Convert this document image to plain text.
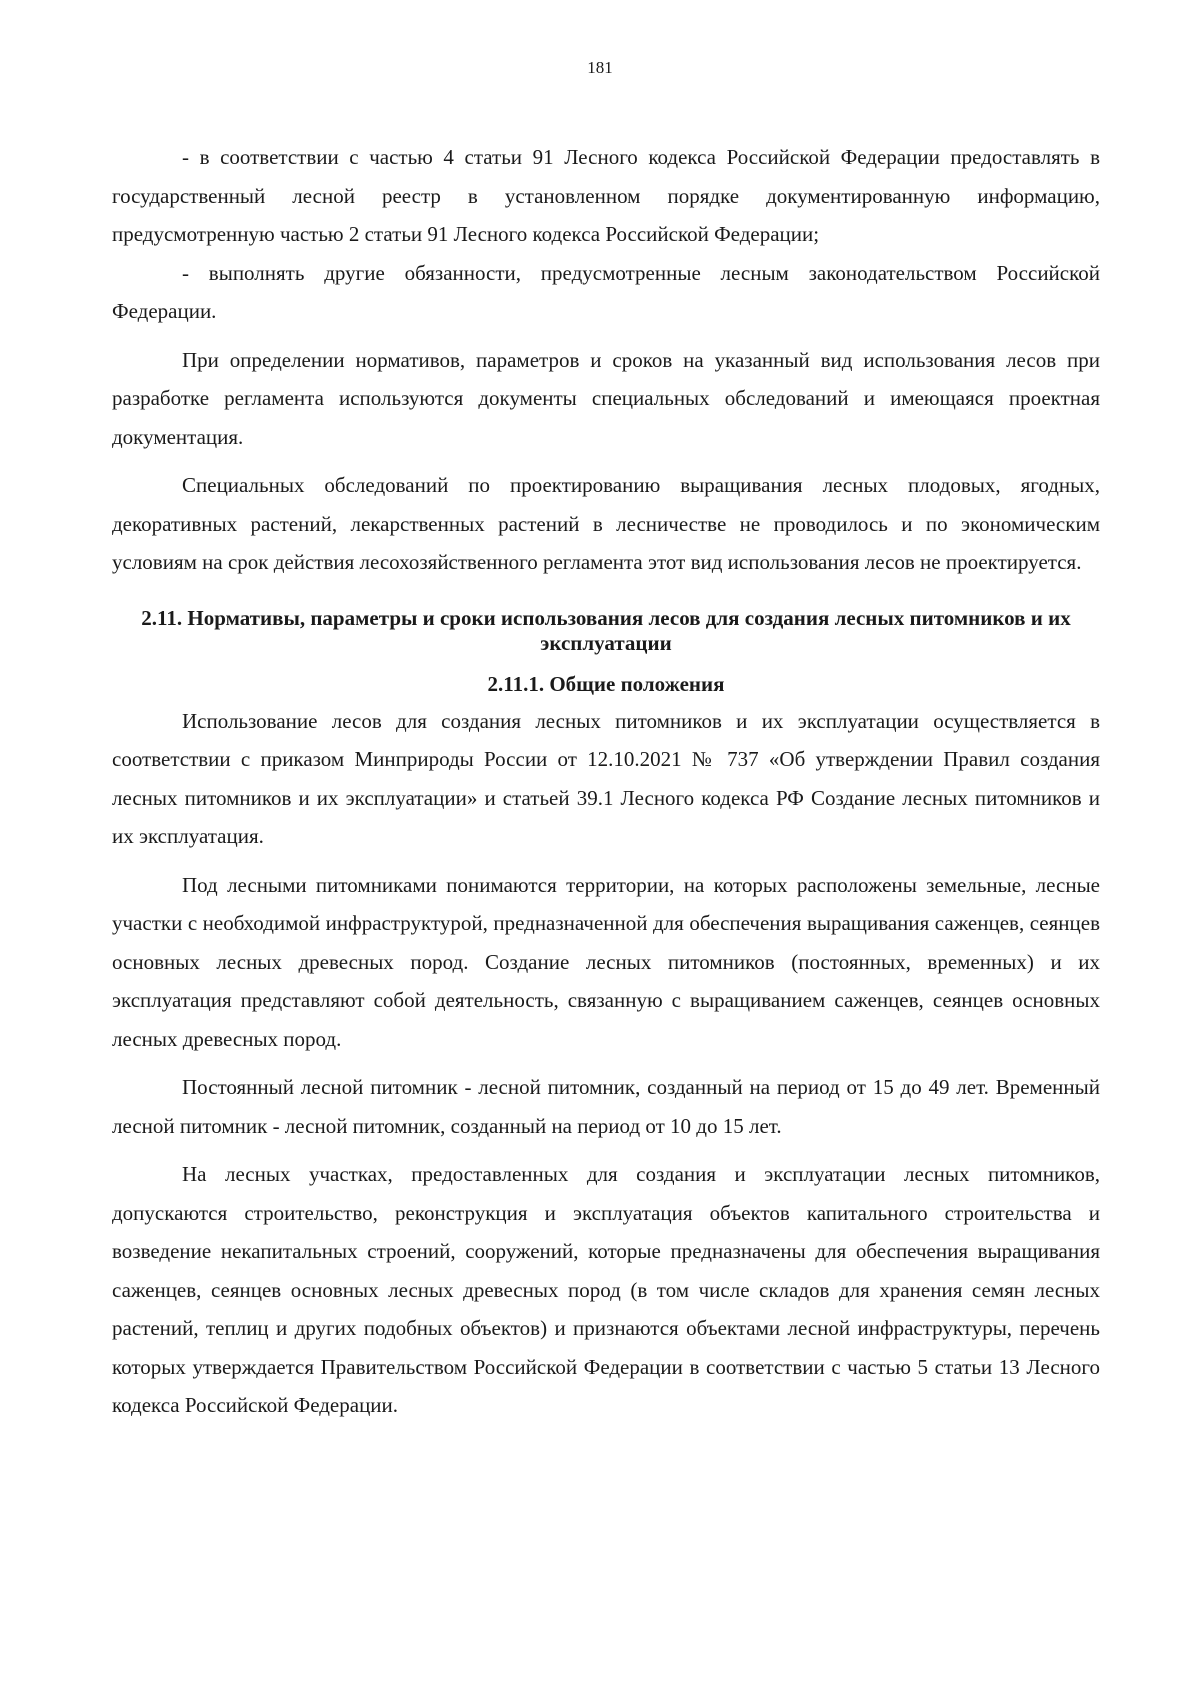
181

- в соответствии с частью 4 статьи 91 Лесного кодекса Российской Федерации предоставлять в государственный лесной реестр в установленном порядке документированную информацию, предусмотренную частью 2 статьи 91 Лесного кодекса Российской Федерации;

- выполнять другие обязанности, предусмотренные лесным законодательством Российской Федерации.

При определении нормативов, параметров и сроков на указанный вид использования лесов при разработке регламента используются документы специальных обследований и имеющаяся проектная документация.

Специальных обследований по проектированию выращивания лесных плодовых, ягодных, декоративных растений, лекарственных растений в лесничестве не проводилось и по экономическим условиям на срок действия лесохозяйственного регламента этот вид использования лесов не проектируется.

2.11. Нормативы, параметры и сроки использования лесов для создания лесных питомников и их эксплуатации
2.11.1. Общие положения

Использование лесов для создания лесных питомников и их эксплуатации осуществляется в соответствии с приказом Минприроды России от 12.10.2021 № 737 «Об утверждении Правил создания лесных питомников и их эксплуатации» и статьей 39.1 Лесного кодекса РФ Создание лесных питомников и их эксплуатация.

Под лесными питомниками понимаются территории, на которых расположены земельные, лесные участки с необходимой инфраструктурой, предназначенной для обеспечения выращивания саженцев, сеянцев основных лесных древесных пород. Создание лесных питомников (постоянных, временных) и их эксплуатация представляют собой деятельность, связанную с выращиванием саженцев, сеянцев основных лесных древесных пород.

Постоянный лесной питомник - лесной питомник, созданный на период от 15 до 49 лет. Временный лесной питомник - лесной питомник, созданный на период от 10 до 15 лет.

На лесных участках, предоставленных для создания и эксплуатации лесных питомников, допускаются строительство, реконструкция и эксплуатация объектов капитального строительства и возведение некапитальных строений, сооружений, которые предназначены для обеспечения выращивания саженцев, сеянцев основных лесных древесных пород (в том числе складов для хранения семян лесных растений, теплиц и других подобных объектов) и признаются объектами лесной инфраструктуры, перечень которых утверждается Правительством Российской Федерации в соответствии с частью 5 статьи 13 Лесного кодекса Российской Федерации.
